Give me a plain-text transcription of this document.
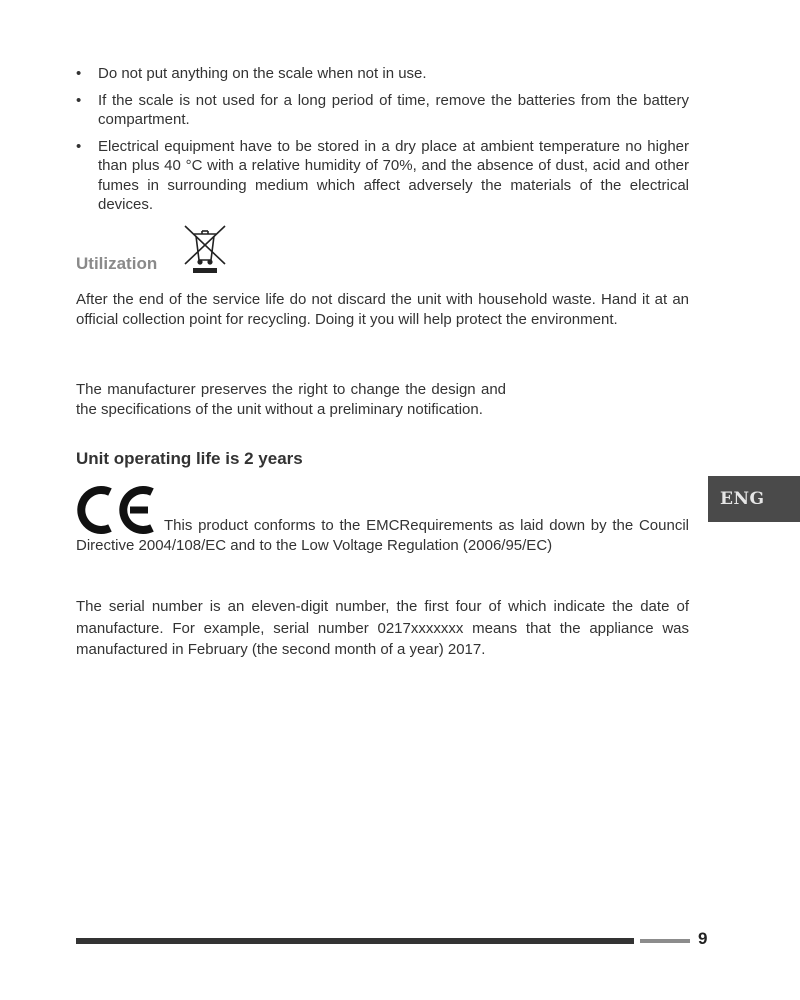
• Do not put anything on the scale when not in use.
• If the scale is not used for a long period of time, remove the batteries from the battery compartment.
• Electrical equipment have to be stored in a dry place at ambient temperature no higher than plus 40 °C with a relative humidity of 70%, and the absence of dust, acid and other fumes in surrounding medium which affect adversely the materials of the electrical devices.
Utilization

After the end of the service life do not discard the unit with household waste. Hand it at an official collection point for recycling. Doing it you will help protect the environment.

The manufacturer preserves the right to change the design and the specifications of the unit without a preliminary notification.

Unit operating life is 2 years

This product conforms to the EMCRequirements as laid down by the Council Directive 2004/108/EC and to the Low Voltage Regulation (2006/95/EC)

The serial number is an eleven-digit number, the first four of which indicate the date of manufacture. For example, serial number 0217xxxxxxx means that the appliance was manufactured in February (the second month of a year) 2017.

ENG
9
